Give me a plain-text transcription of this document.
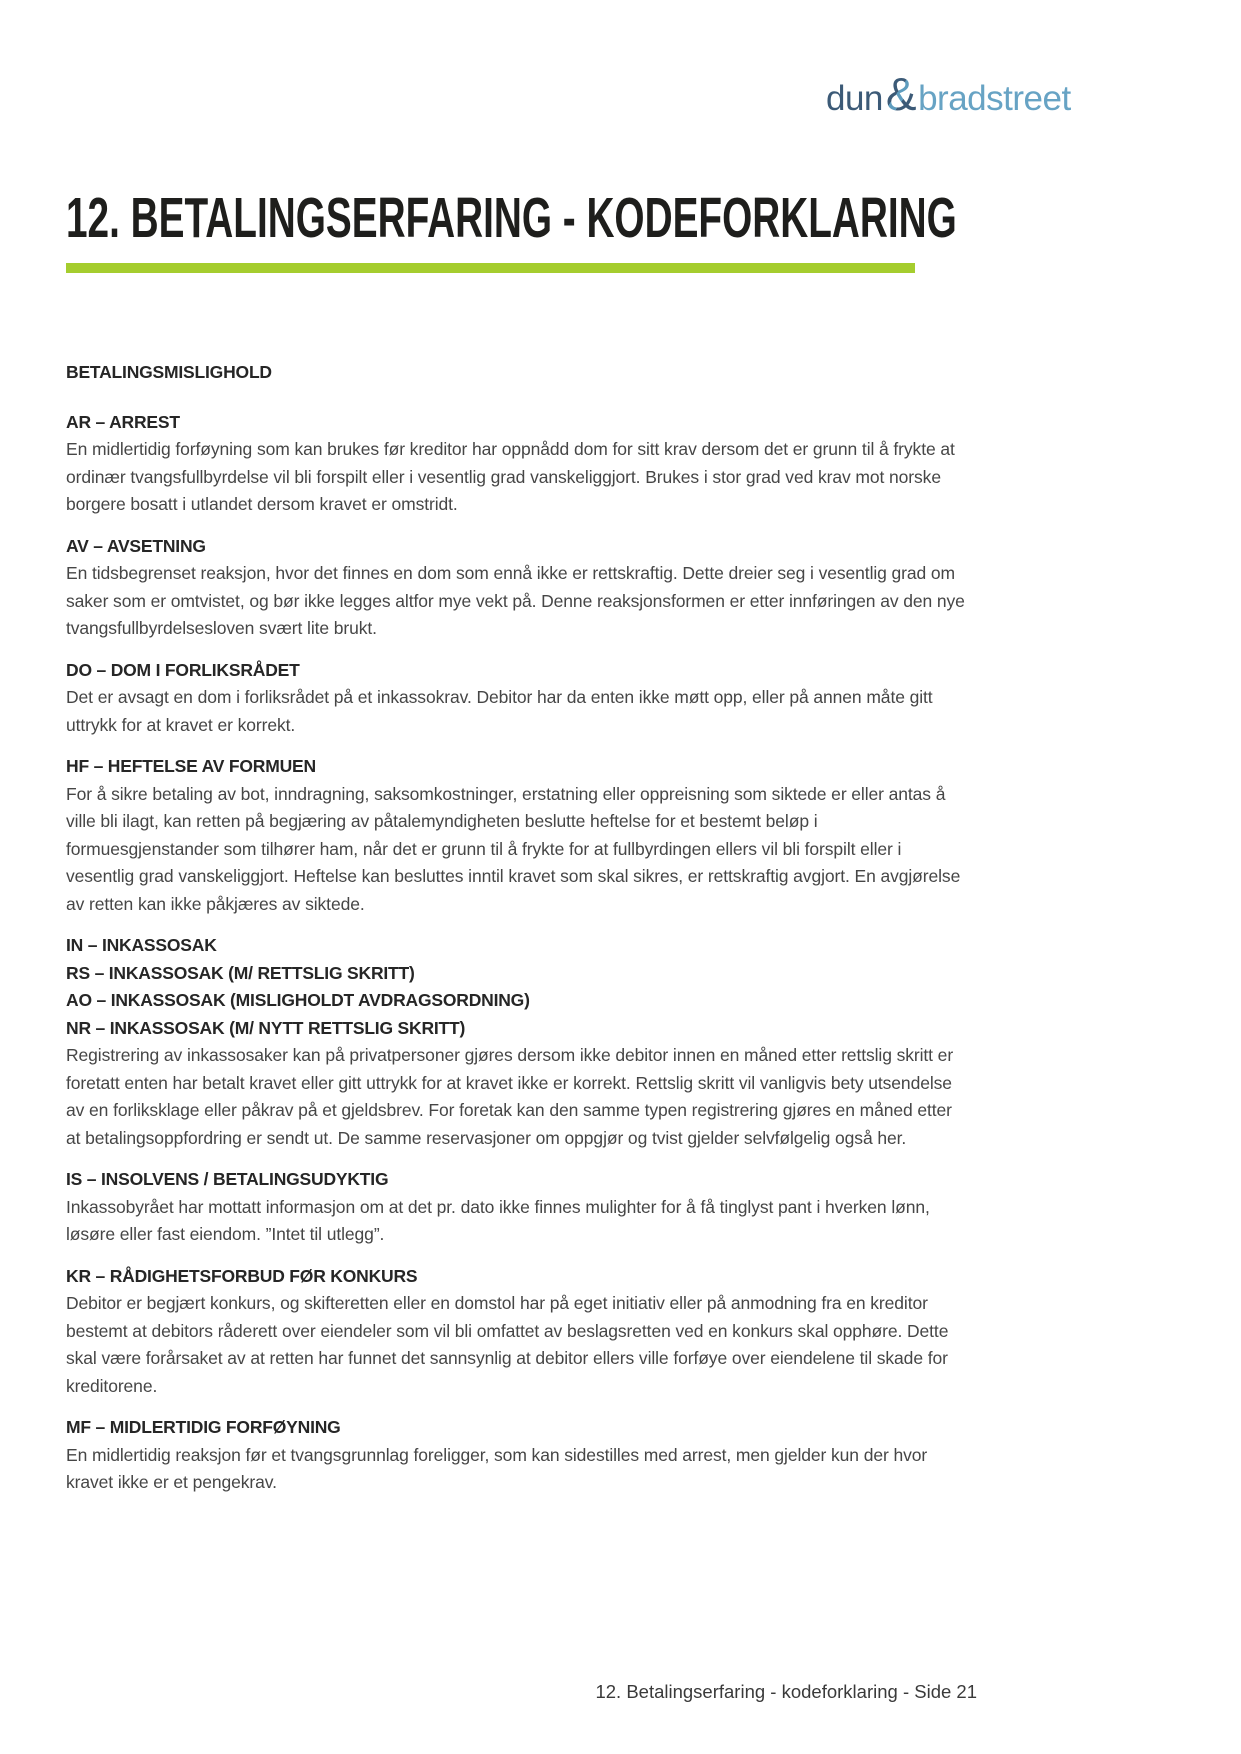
dun & bradstreet
12. BETALINGSERFARING - KODEFORKLARING
BETALINGSMISLIGHOLD
AR – ARREST

En midlertidig forføyning som kan brukes før kreditor har oppnådd dom for sitt krav dersom det er grunn til å frykte at ordinær tvangsfullbyrdelse vil bli forspilt eller i vesentlig grad vanskeliggjort. Brukes i stor grad ved krav mot norske borgere bosatt i utlandet dersom kravet er omstridt.

AV – AVSETNING

En tidsbegrenset reaksjon, hvor det finnes en dom som ennå ikke er rettskraftig. Dette dreier seg i vesentlig grad om saker som er omtvistet, og bør ikke legges altfor mye vekt på. Denne reaksjonsformen er etter innføringen av den nye tvangsfullbyrdelsesloven svært lite brukt.

DO – DOM I FORLIKSRÅDET

Det er avsagt en dom i forliksrådet på et inkassokrav. Debitor har da enten ikke møtt opp, eller på annen måte gitt uttrykk for at kravet er korrekt.

HF – HEFTELSE AV FORMUEN

For å sikre betaling av bot, inndragning, saksomkostninger, erstatning eller oppreisning som siktede er eller antas å ville bli ilagt, kan retten på begjæring av påtalemyndigheten beslutte heftelse for et bestemt beløp i formuesgjenstander som tilhører ham, når det er grunn til å frykte for at fullbyrdingen ellers vil bli forspilt eller i vesentlig grad vanskeliggjort. Heftelse kan besluttes inntil kravet som skal sikres, er rettskraftig avgjort. En avgjørelse av retten kan ikke påkjæres av siktede.

IN – INKASSOSAK
RS – INKASSOSAK (M/ RETTSLIG SKRITT)
AO – INKASSOSAK (MISLIGHOLDT AVDRAGSORDNING)
NR – INKASSOSAK (M/ NYTT RETTSLIG SKRITT)

Registrering av inkassosaker kan på privatpersoner gjøres dersom ikke debitor innen en måned etter rettslig skritt er foretatt enten har betalt kravet eller gitt uttrykk for at kravet ikke er korrekt. Rettslig skritt vil vanligvis bety utsendelse av en forliksklage eller påkrav på et gjeldsbrev. For foretak kan den samme typen registrering gjøres en måned etter at betalingsoppfordring er sendt ut. De samme reservasjoner om oppgjør og tvist gjelder selvfølgelig også her.

IS – INSOLVENS / BETALINGSUDYKTIG

Inkassobyrået har mottatt informasjon om at det pr. dato ikke finnes mulighter for å få tinglyst pant i hverken lønn, løsøre eller fast eiendom. ”Intet til utlegg”.

KR – RÅDIGHETSFORBUD FØR KONKURS

Debitor er begjært konkurs, og skifteretten eller en domstol har på eget initiativ eller på anmodning fra en kreditor bestemt at debitors råderett over eiendeler som vil bli omfattet av beslagsretten ved en konkurs skal opphøre. Dette skal være forårsaket av at retten har funnet det sannsynlig at debitor ellers ville forføye over eiendelene til skade for kreditorene.

MF – MIDLERTIDIG FORFØYNING

En midlertidig reaksjon før et tvangsgrunnlag foreligger, som kan sidestilles med arrest, men gjelder kun der hvor kravet ikke er et pengekrav.

12. Betalingserfaring - kodeforklaring - Side 21
